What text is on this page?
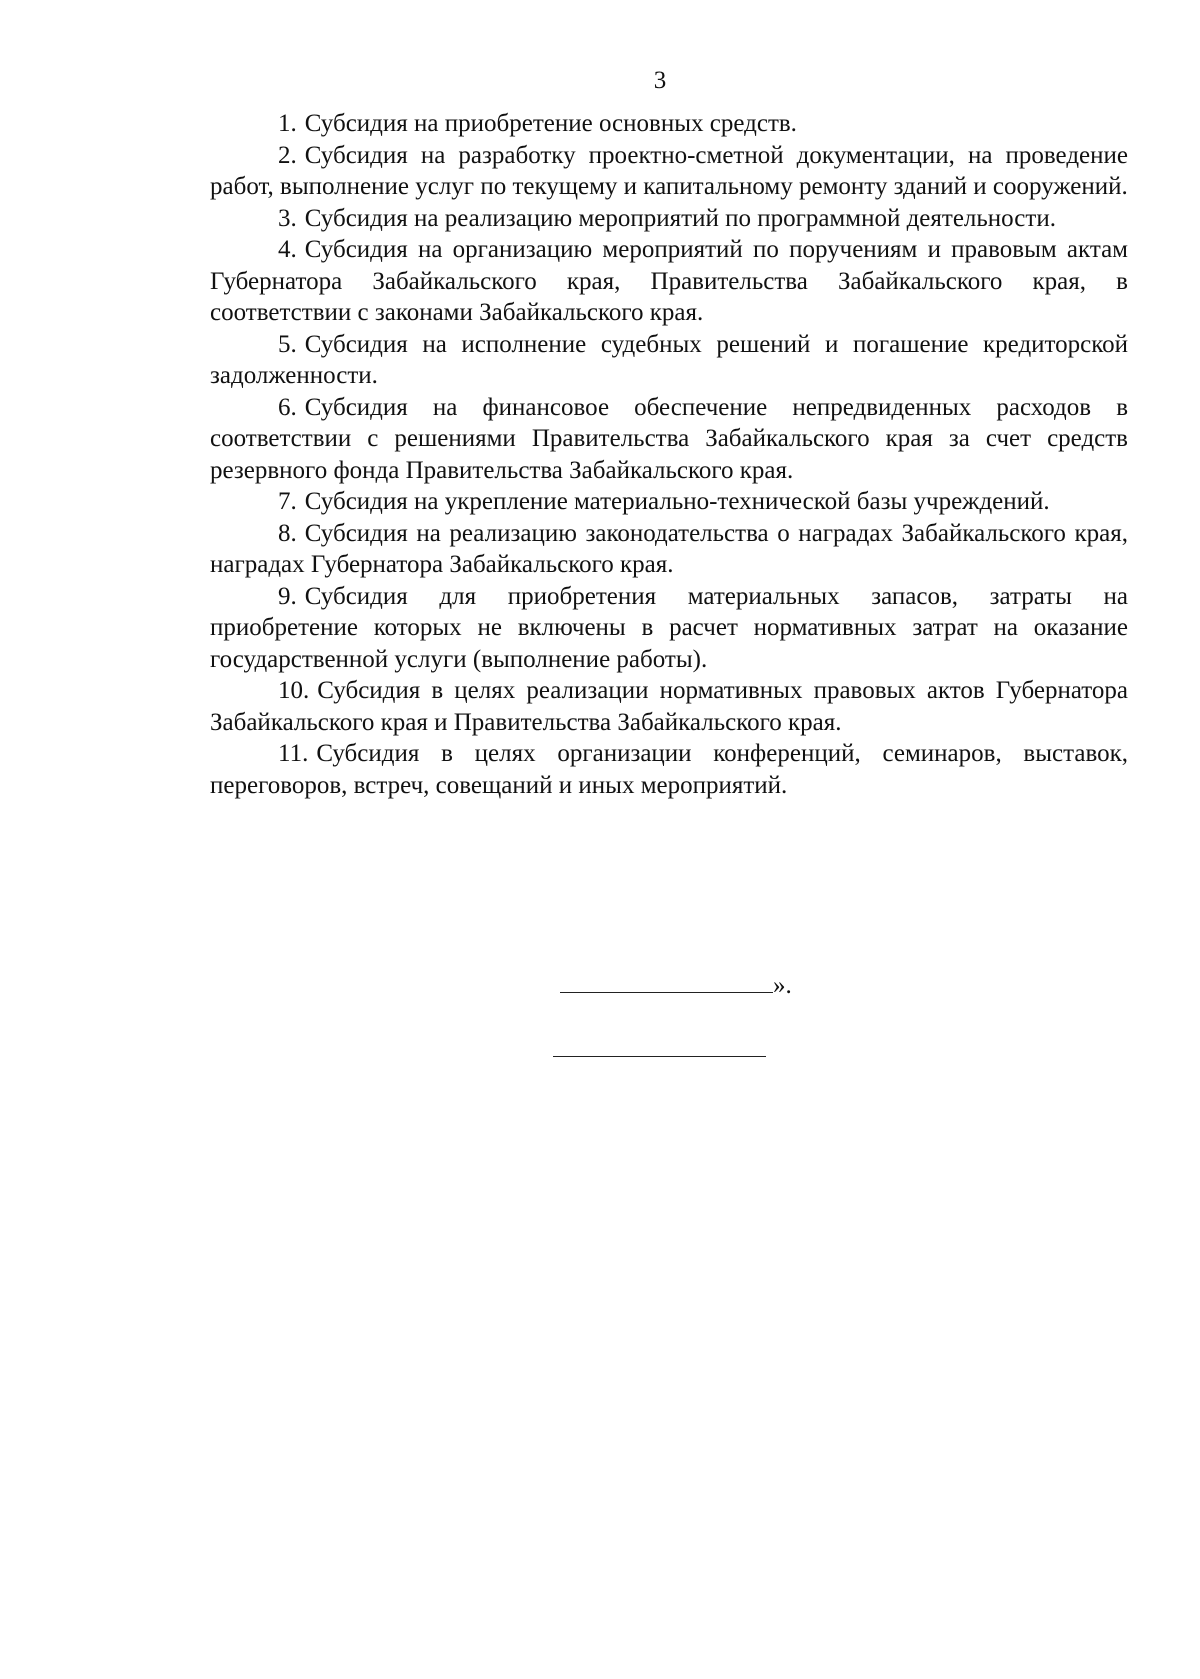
3

1. Субсидия на приобретение основных средств.

2. Субсидия на разработку проектно-сметной документации, на проведение работ, выполнение услуг по текущему и капитальному ремонту зданий и сооружений.

3. Субсидия на реализацию мероприятий по программной деятельности.

4. Субсидия на организацию мероприятий по поручениям и правовым актам Губернатора Забайкальского края, Правительства Забайкальского края, в соответствии с законами Забайкальского края.

5. Субсидия на исполнение судебных решений и погашение кредиторской задолженности.

6. Субсидия на финансовое обеспечение непредвиденных расходов в соответствии с решениями Правительства Забайкальского края за счет средств резервного фонда Правительства Забайкальского края.

7. Субсидия на укрепление материально-технической базы учреждений.

8. Субсидия на реализацию законодательства о наградах Забайкальского края, наградах Губернатора Забайкальского края.

9. Субсидия для приобретения материальных запасов, затраты на приобретение которых не включены в расчет нормативных затрат на оказание государственной услуги (выполнение работы).

10. Субсидия в целях реализации нормативных правовых актов Губернатора Забайкальского края и Правительства Забайкальского края.

11. Субсидия в целях организации конференций, семинаров, выставок, переговоров, встреч, совещаний и иных мероприятий.

».
